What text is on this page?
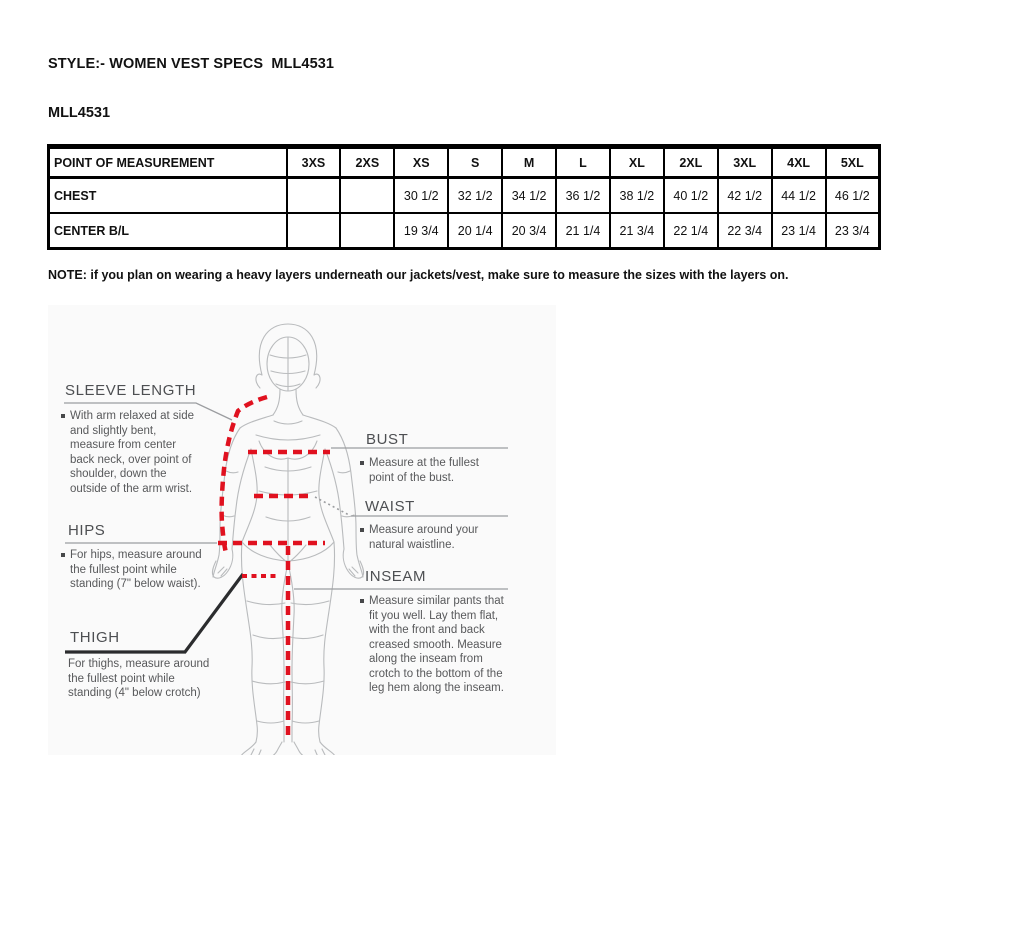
STYLE:- WOMEN VEST SPECS  MLL4531
MLL4531
POINT OF MEASUREMENT	3XS	2XS	XS	S	M	L	XL	2XL	3XL	4XL	5XL
CHEST			30 1/2	32 1/2	34 1/2	36 1/2	38 1/2	40 1/2	42 1/2	44 1/2	46 1/2
CENTER B/L			19 3/4	20 1/4	20 3/4	21 1/4	21 3/4	22 1/4	22 3/4	23 1/4	23 3/4
NOTE: if you plan on wearing a heavy layers underneath our jackets/vest, make sure to measure the sizes with the layers on.
SLEEVE LENGTH
With arm relaxed at side and slightly bent, measure from center back neck, over point of shoulder, down the outside of the arm wrist.
HIPS
For hips, measure around the fullest point while standing (7" below waist).
THIGH
For thighs, measure around the fullest point while standing (4" below crotch)
BUST
Measure at the fullest point of the bust.
WAIST
Measure around your natural waistline.
INSEAM
Measure similar pants that fit you well. Lay them flat, with the front and back creased smooth. Measure along the inseam from crotch to the bottom of the leg hem along the inseam.
